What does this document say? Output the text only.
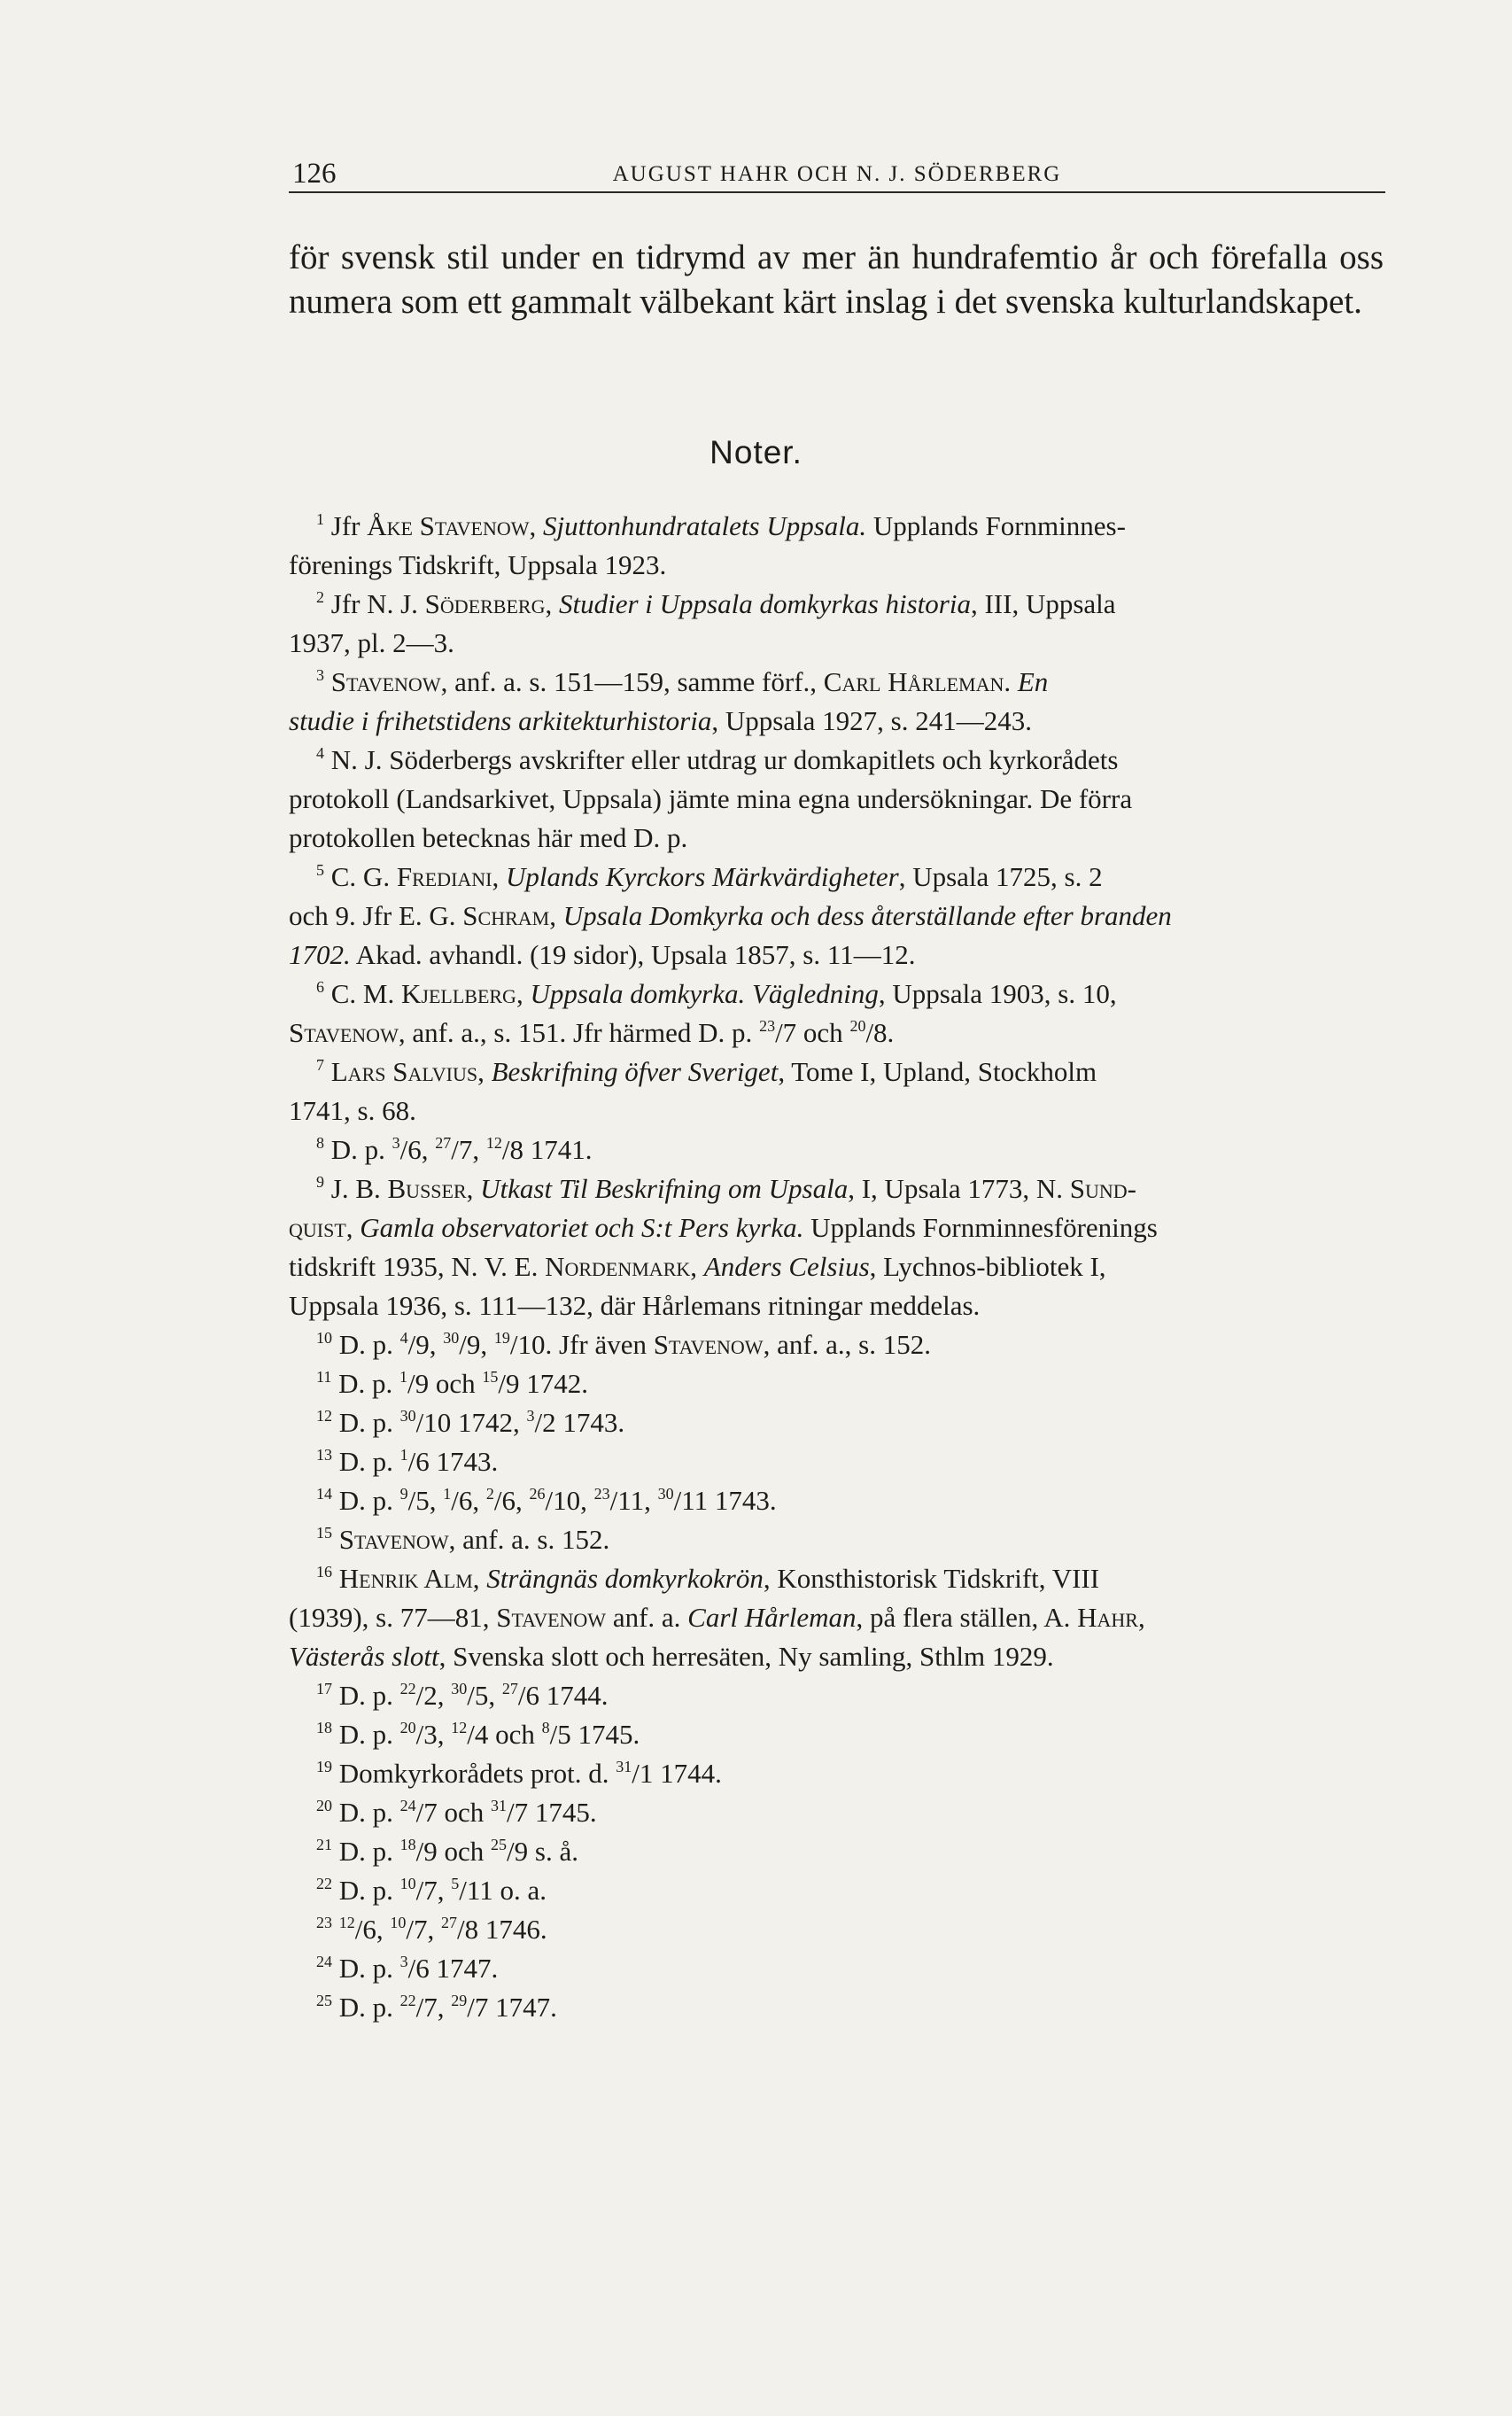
126	AUGUST HAHR OCH N. J. SÖDERBERG
för svensk stil under en tidrymd av mer än hundrafemtio år och förefalla oss numera som ett gammalt välbekant kärt inslag i det svenska kulturlandskapet.
Noter.

 $^1$ Jfr Åke Stavenow, Sjuttonhundratalets Uppsala. Upplands Fornminnes-
förenings Tidskrift, Uppsala 1923.

 $^2$ Jfr N. J. Söderberg, Studier i Uppsala domkyrkas historia, III, Uppsala
1937, pl. 2—3.

 $^3$ Stavenow, anf. a. s. 151—159, samme förf., Carl Hårleman. En
studie i frihetstidens arkitekturhistoria, Uppsala 1927, s. 241—243.

 $^4$ N. J. Söderbergs avskrifter eller utdrag ur domkapitlets och kyrkorådets
protokoll (Landsarkivet, Uppsala) jämte mina egna undersökningar. De förra
protokollen betecknas här med D. p.

 $^5$ C. G. Frediani, Uplands Kyrckors Märkvärdigheter, Upsala 1725, s. 2
och 9. Jfr E. G. Schram, Upsala Domkyrka och dess återställande efter branden
1702. Akad. avhandl. (19 sidor), Upsala 1857, s. 11—12.

 $^6$ C. M. Kjellberg, Uppsala domkyrka. Vägledning, Uppsala 1903, s. 10,
Stavenow, anf. a., s. 151. Jfr härmed D. p. $^{23}$/7 och $^{20}$/8.

 $^7$ Lars Salvius, Beskrifning öfver Sveriget, Tome I, Upland, Stockholm
1741, s. 68.

 $^8$ D. p. $^3$/6, $^{27}$/7, $^{12}$/8 1741.

 $^9$ J. B. Busser, Utkast Til Beskrifning om Upsala, I, Upsala 1773, N. Sund-
quist, Gamla observatoriet och S:t Pers kyrka. Upplands Fornminnesförenings
tidskrift 1935, N. V. E. Nordenmark, Anders Celsius, Lychnos-bibliotek I,
Uppsala 1936, s. 111—132, där Hårlemans ritningar meddelas.

 $^{10}$ D. p. $^4$/9, $^{30}$/9, $^{19}$/10. Jfr även Stavenow, anf. a., s. 152.

 $^{11}$ D. p. $^1$/9 och $^{15}$/9 1742.

 $^{12}$ D. p. $^{30}$/10 1742, $^3$/2 1743.

 $^{13}$ D. p. $^1$/6 1743.

 $^{14}$ D. p. $^9$/5, $^1$/6, $^2$/6, $^{26}$/10, $^{23}$/11, $^{30}$/11 1743.

 $^{15}$ Stavenow, anf. a. s. 152.

 $^{16}$ Henrik Alm, Strängnäs domkyrkokrön, Konsthistorisk Tidskrift, VIII
(1939), s. 77—81, Stavenow anf. a. Carl Hårleman, på flera ställen, A. Hahr,
Västerås slott, Svenska slott och herresäten, Ny samling, Sthlm 1929.

 $^{17}$ D. p. $^{22}$/2, $^{30}$/5, $^{27}$/6 1744.

 $^{18}$ D. p. $^{20}$/3, $^{12}$/4 och $^8$/5 1745.

 $^{19}$ Domkyrkorådets prot. d. $^{31}$/1 1744.

 $^{20}$ D. p. $^{24}$/7 och $^{31}$/7 1745.

 $^{21}$ D. p. $^{18}$/9 och $^{25}$/9 s. å.

 $^{22}$ D. p. $^{10}$/7, $^5$/11 o. a.

 $^{23}$ $^{12}$/6, $^{10}$/7, $^{27}$/8 1746.

 $^{24}$ D. p. $^3$/6 1747.

 $^{25}$ D. p. $^{22}$/7, $^{29}$/7 1747.
